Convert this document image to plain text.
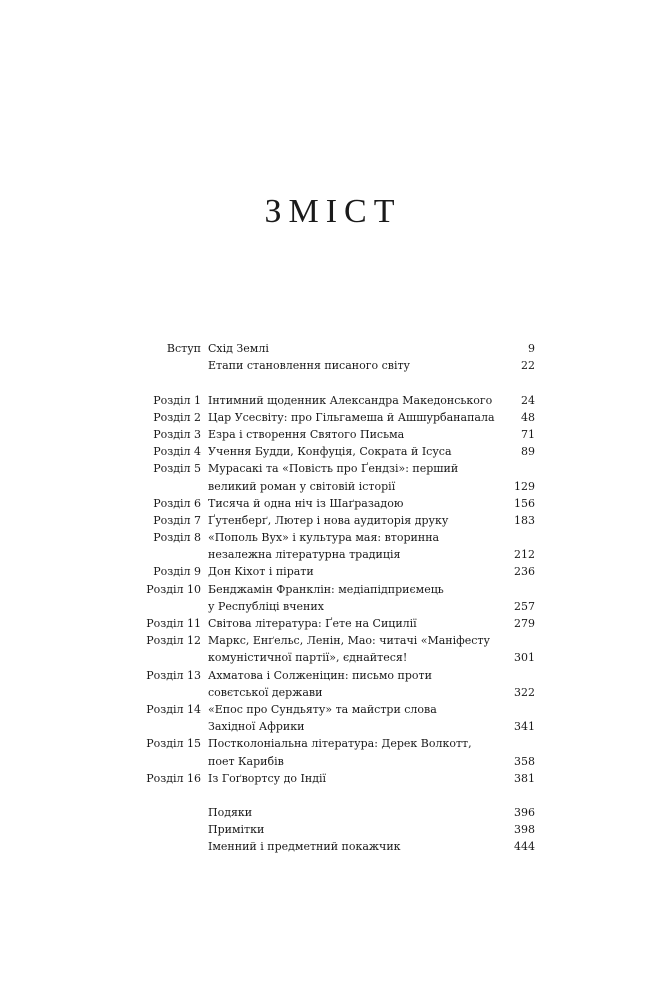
ЗМІСТ
Вступ Схід Землі	9
Етапи становлення писаного світу	22
Розділ 1 Інтимний щоденник Александра Македонського	24
Розділ 2 Цар Усесвіту: про Гільгамеша й Ашшурбанапала 48
Розділ 3 Езра і створення Святого Письма	71
Розділ 4 Учення Будди, Конфуція, Сократа й Ісуса	89
Розділ 5 Мурасакі та «Повість про Ґендзі»: перший
великий роман у світовій історії	129
Розділ 6 Тисяча й одна ніч із Шаґразадою	156
Розділ 7 Ґутенберґ, Лютер і нова аудиторія друку	183
Розділ 8 «Пополь Вух» і культура мая: вторинна
незалежна літературна традиція	212
Розділ 9 Дон Кіхот і пірати	236
Розділ 10 Бенджамін Франклін: медіапідприємець
у Республіці вчених	257
Розділ 11 Світова література: Ґете на Сицилії	279
Розділ 12 Маркс, Енґельс, Ленін, Мао: читачі «Маніфесту
комуністичної партії», єднайтеся!	301
Розділ 13 Ахматова і Солженіцин: письмо проти
совєтської держави	322
Розділ 14 «Епос про Сундьяту» та майстри слова
Західної Африки	341
Розділ 15 Постколоніальна література: Дерек Волкотт,
поет Карибів	358
Розділ 16 Із Гоґвортсу до Індії	381
Подяки	396
Примітки	398
Іменний і предметний покажчик	444
